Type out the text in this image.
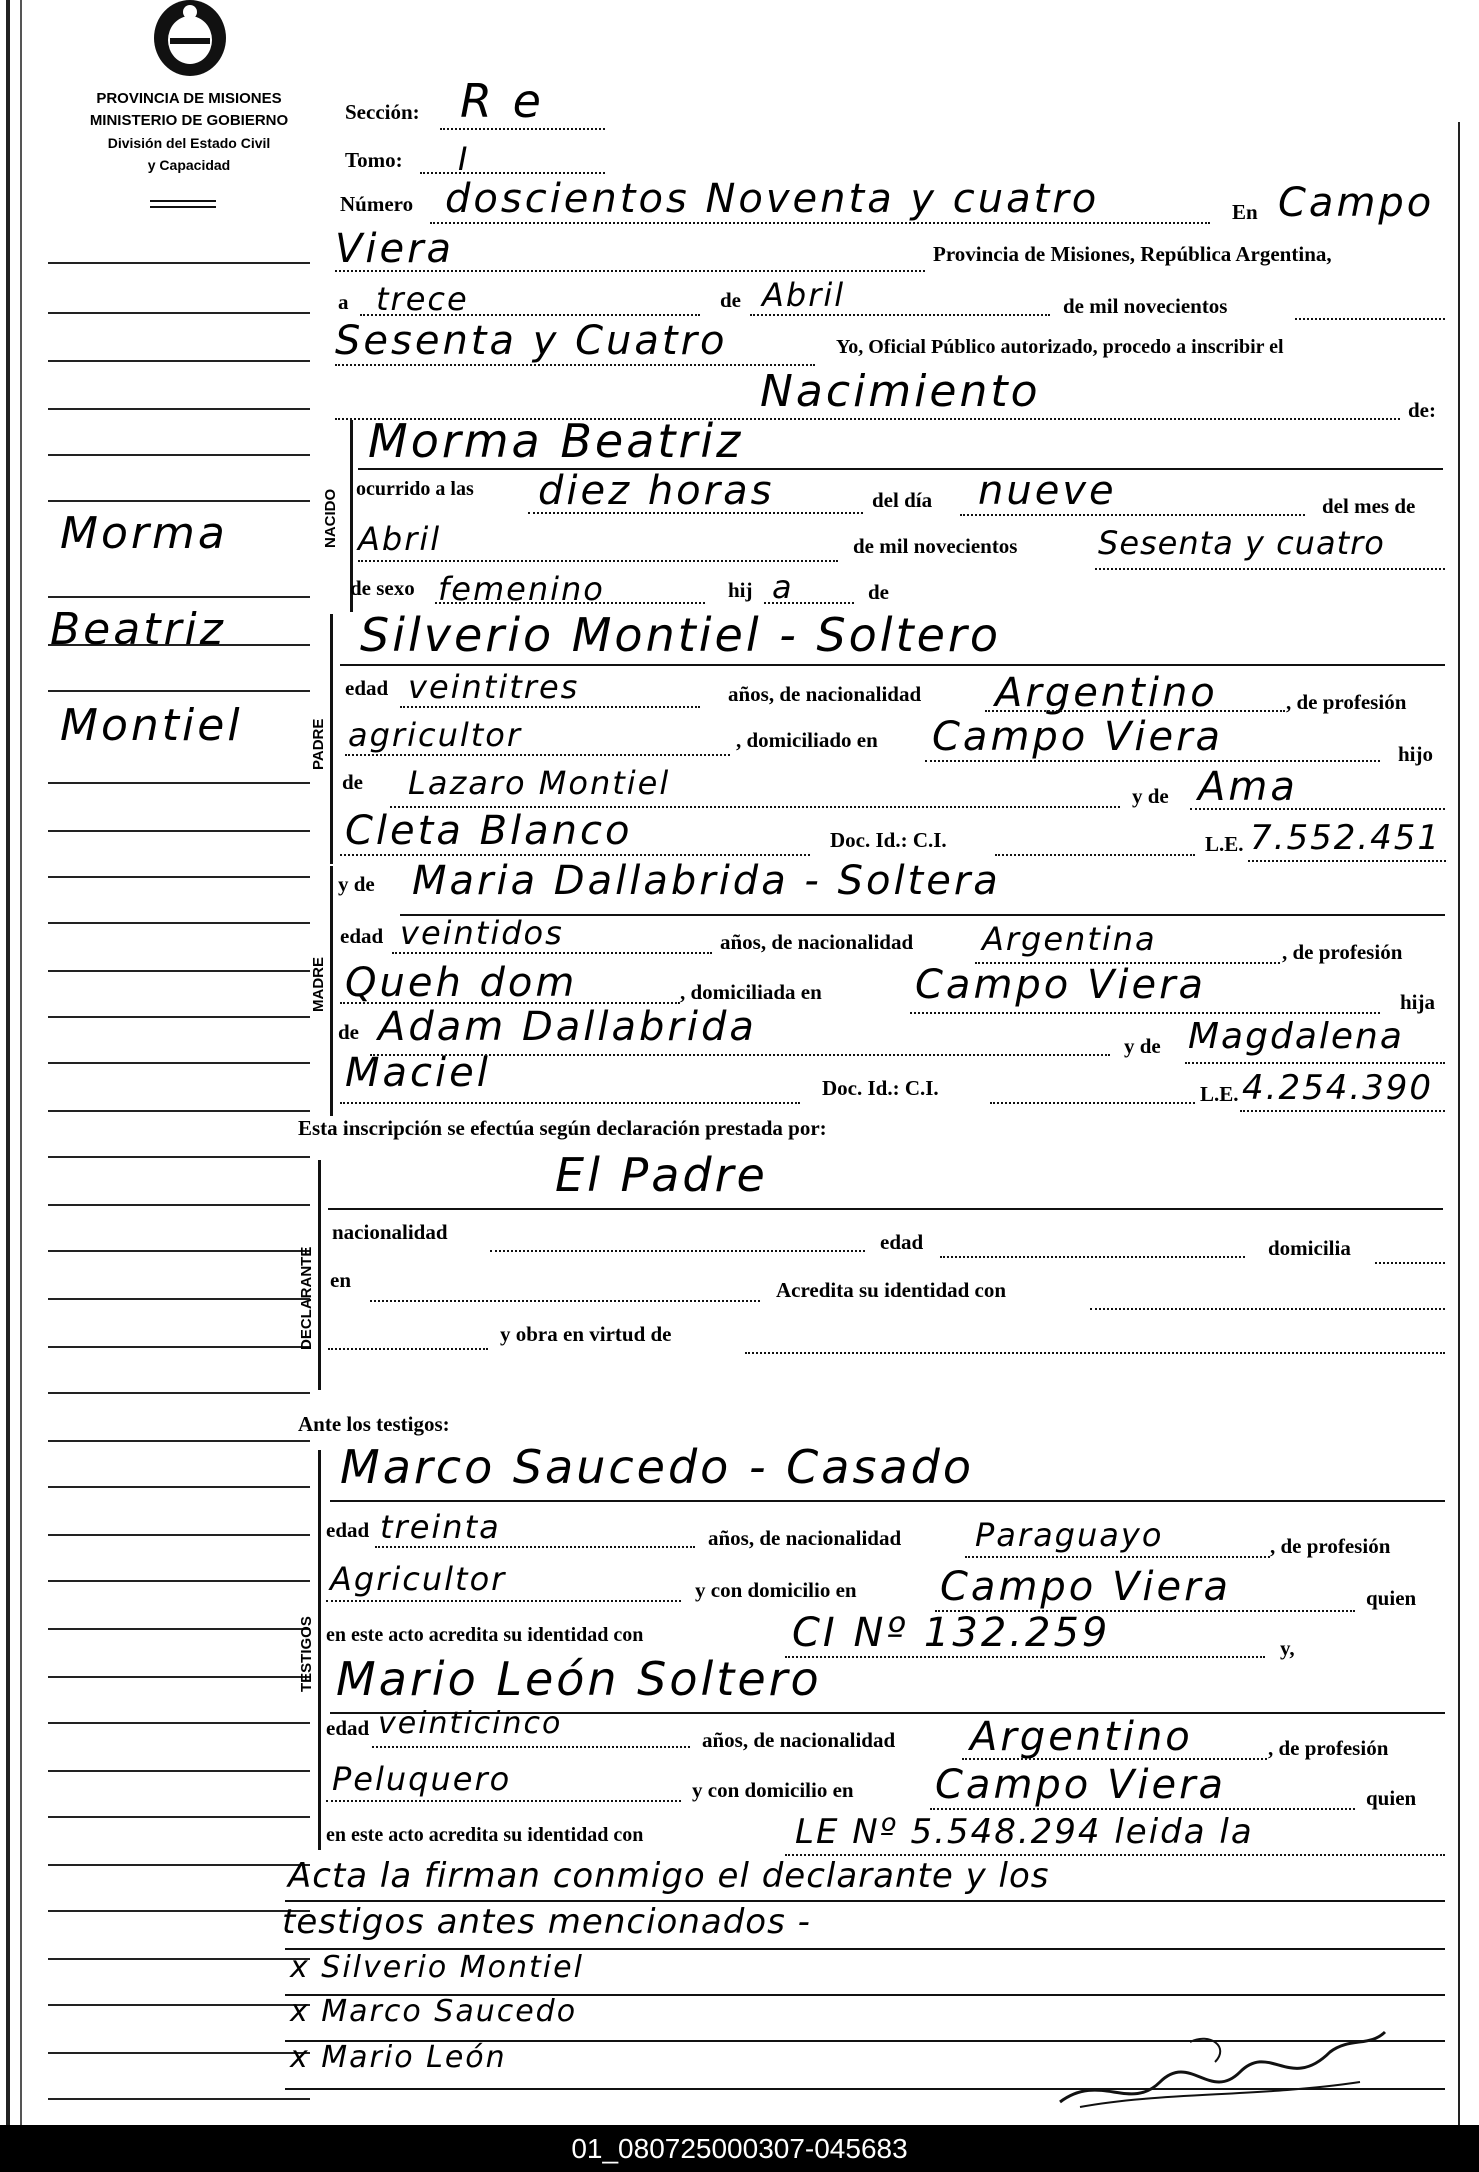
PROVINCIA DE MISIONES
MINISTERIO DE GOBIERNO
División del Estado Civil
y Capacidad
Morma
Beatriz
Montiel
Sección: R e
Tomo: I
Número doscientos Noventa y cuatro	En Campo
Viera	Provincia de Misiones, República Argentina,
a trece	de Abril	de mil novecientos
Sesenta y Cuatro	Yo, Oficial Público autorizado, procedo a inscribir el
Nacimiento	de:
NACIDO
Morma Beatriz
ocurrido a las diez horas	del día nueve	del mes de
Abril	de mil novecientos	Sesenta y cuatro
de sexo femenino	hij a	de
PADRE
Silverio Montiel - Soltero
edad veintitres	años, de nacionalidad Argentino	, de profesión
agricultor	, domiciliado en Campo Viera	hijo
de Lazaro Montiel	y de Ama
Cleta Blanco	Doc. Id.: C.I.	L.E. 7.552.451
MADRE
y de Maria Dallabrida - Soltera
edad veintidos	años, de nacionalidad Argentina	, de profesión
Queh dom	, domiciliada en Campo Viera	hija
de Adam Dallabrida	y de Magdalena
Maciel	Doc. Id.: C.I.	L.E. 4.254.390
Esta inscripción se efectúa según declaración prestada por:
DECLARANTE
El Padre
nacionalidad	edad	domicilia
en	Acredita su identidad con
y obra en virtud de
Ante los testigos:
TESTIGOS
Marco Saucedo - Casado
edad treinta	años, de nacionalidad Paraguayo	, de profesión
Agricultor	y con domicilio en Campo Viera	quien
en este acto acredita su identidad con	CI Nº 132.259	y,
Mario León Soltero
edad veinticinco	años, de nacionalidad Argentino	, de profesión
Peluquero	y con domicilio en Campo Viera	quien
en este acto acredita su identidad con	LE Nº 5.548.294 leida la
Acta la firman conmigo el declarante y los
testigos antes mencionados -
x Silverio Montiel
x Marco Saucedo
x Mario León
01_080725000307-045683
